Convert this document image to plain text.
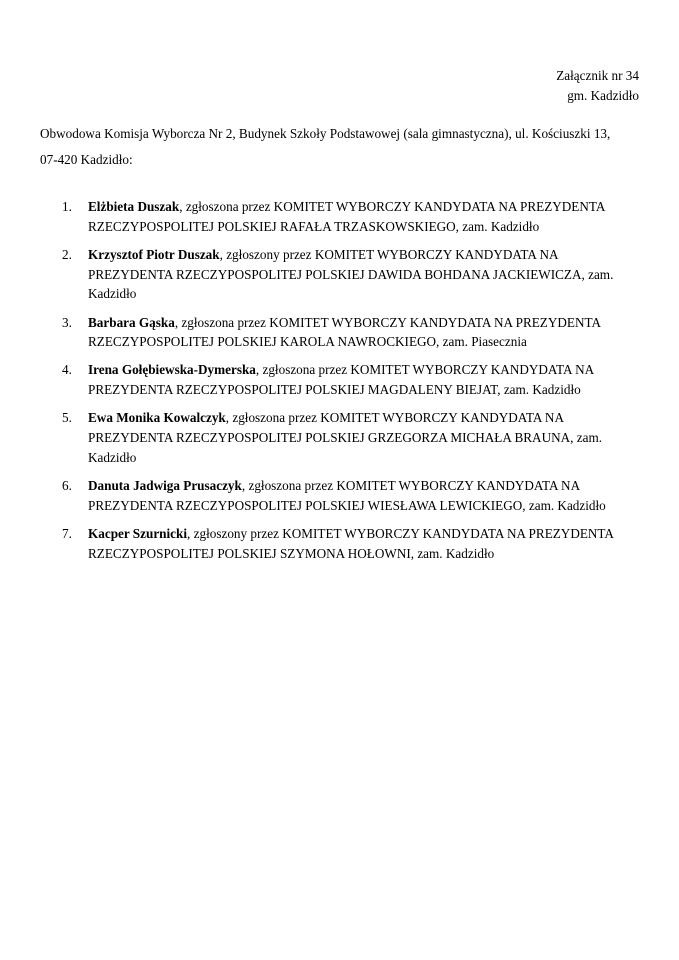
Załącznik nr 34
gm. Kadzidło
Obwodowa Komisja Wyborcza Nr 2, Budynek Szkoły Podstawowej (sala gimnastyczna), ul. Kościuszki 13,
07-420 Kadzidło:
1.	Elżbieta Duszak, zgłoszona przez KOMITET WYBORCZY KANDYDATA NA PREZYDENTA RZECZYPOSPOLITEJ POLSKIEJ RAFAŁA TRZASKOWSKIEGO, zam. Kadzidło
2.	Krzysztof Piotr Duszak, zgłoszony przez KOMITET WYBORCZY KANDYDATA NA PREZYDENTA RZECZYPOSPOLITEJ POLSKIEJ DAWIDA BOHDANA JACKIEWICZA, zam. Kadzidło
3.	Barbara Gąska, zgłoszona przez KOMITET WYBORCZY KANDYDATA NA PREZYDENTA RZECZYPOSPOLITEJ POLSKIEJ KAROLA NAWROCKIEGO, zam. Piasecznia
4.	Irena Gołębiewska-Dymerska, zgłoszona przez KOMITET WYBORCZY KANDYDATA NA PREZYDENTA RZECZYPOSPOLITEJ POLSKIEJ MAGDALENY BIEJAT, zam. Kadzidło
5.	Ewa Monika Kowalczyk, zgłoszona przez KOMITET WYBORCZY KANDYDATA NA PREZYDENTA RZECZYPOSPOLITEJ POLSKIEJ GRZEGORZA MICHAŁA BRAUNA, zam. Kadzidło
6.	Danuta Jadwiga Prusaczyk, zgłoszona przez KOMITET WYBORCZY KANDYDATA NA PREZYDENTA RZECZYPOSPOLITEJ POLSKIEJ WIESŁAWA LEWICKIEGO, zam. Kadzidło
7.	Kacper Szurnicki, zgłoszony przez KOMITET WYBORCZY KANDYDATA NA PREZYDENTA RZECZYPOSPOLITEJ POLSKIEJ SZYMONA HOŁOWNI, zam. Kadzidło
